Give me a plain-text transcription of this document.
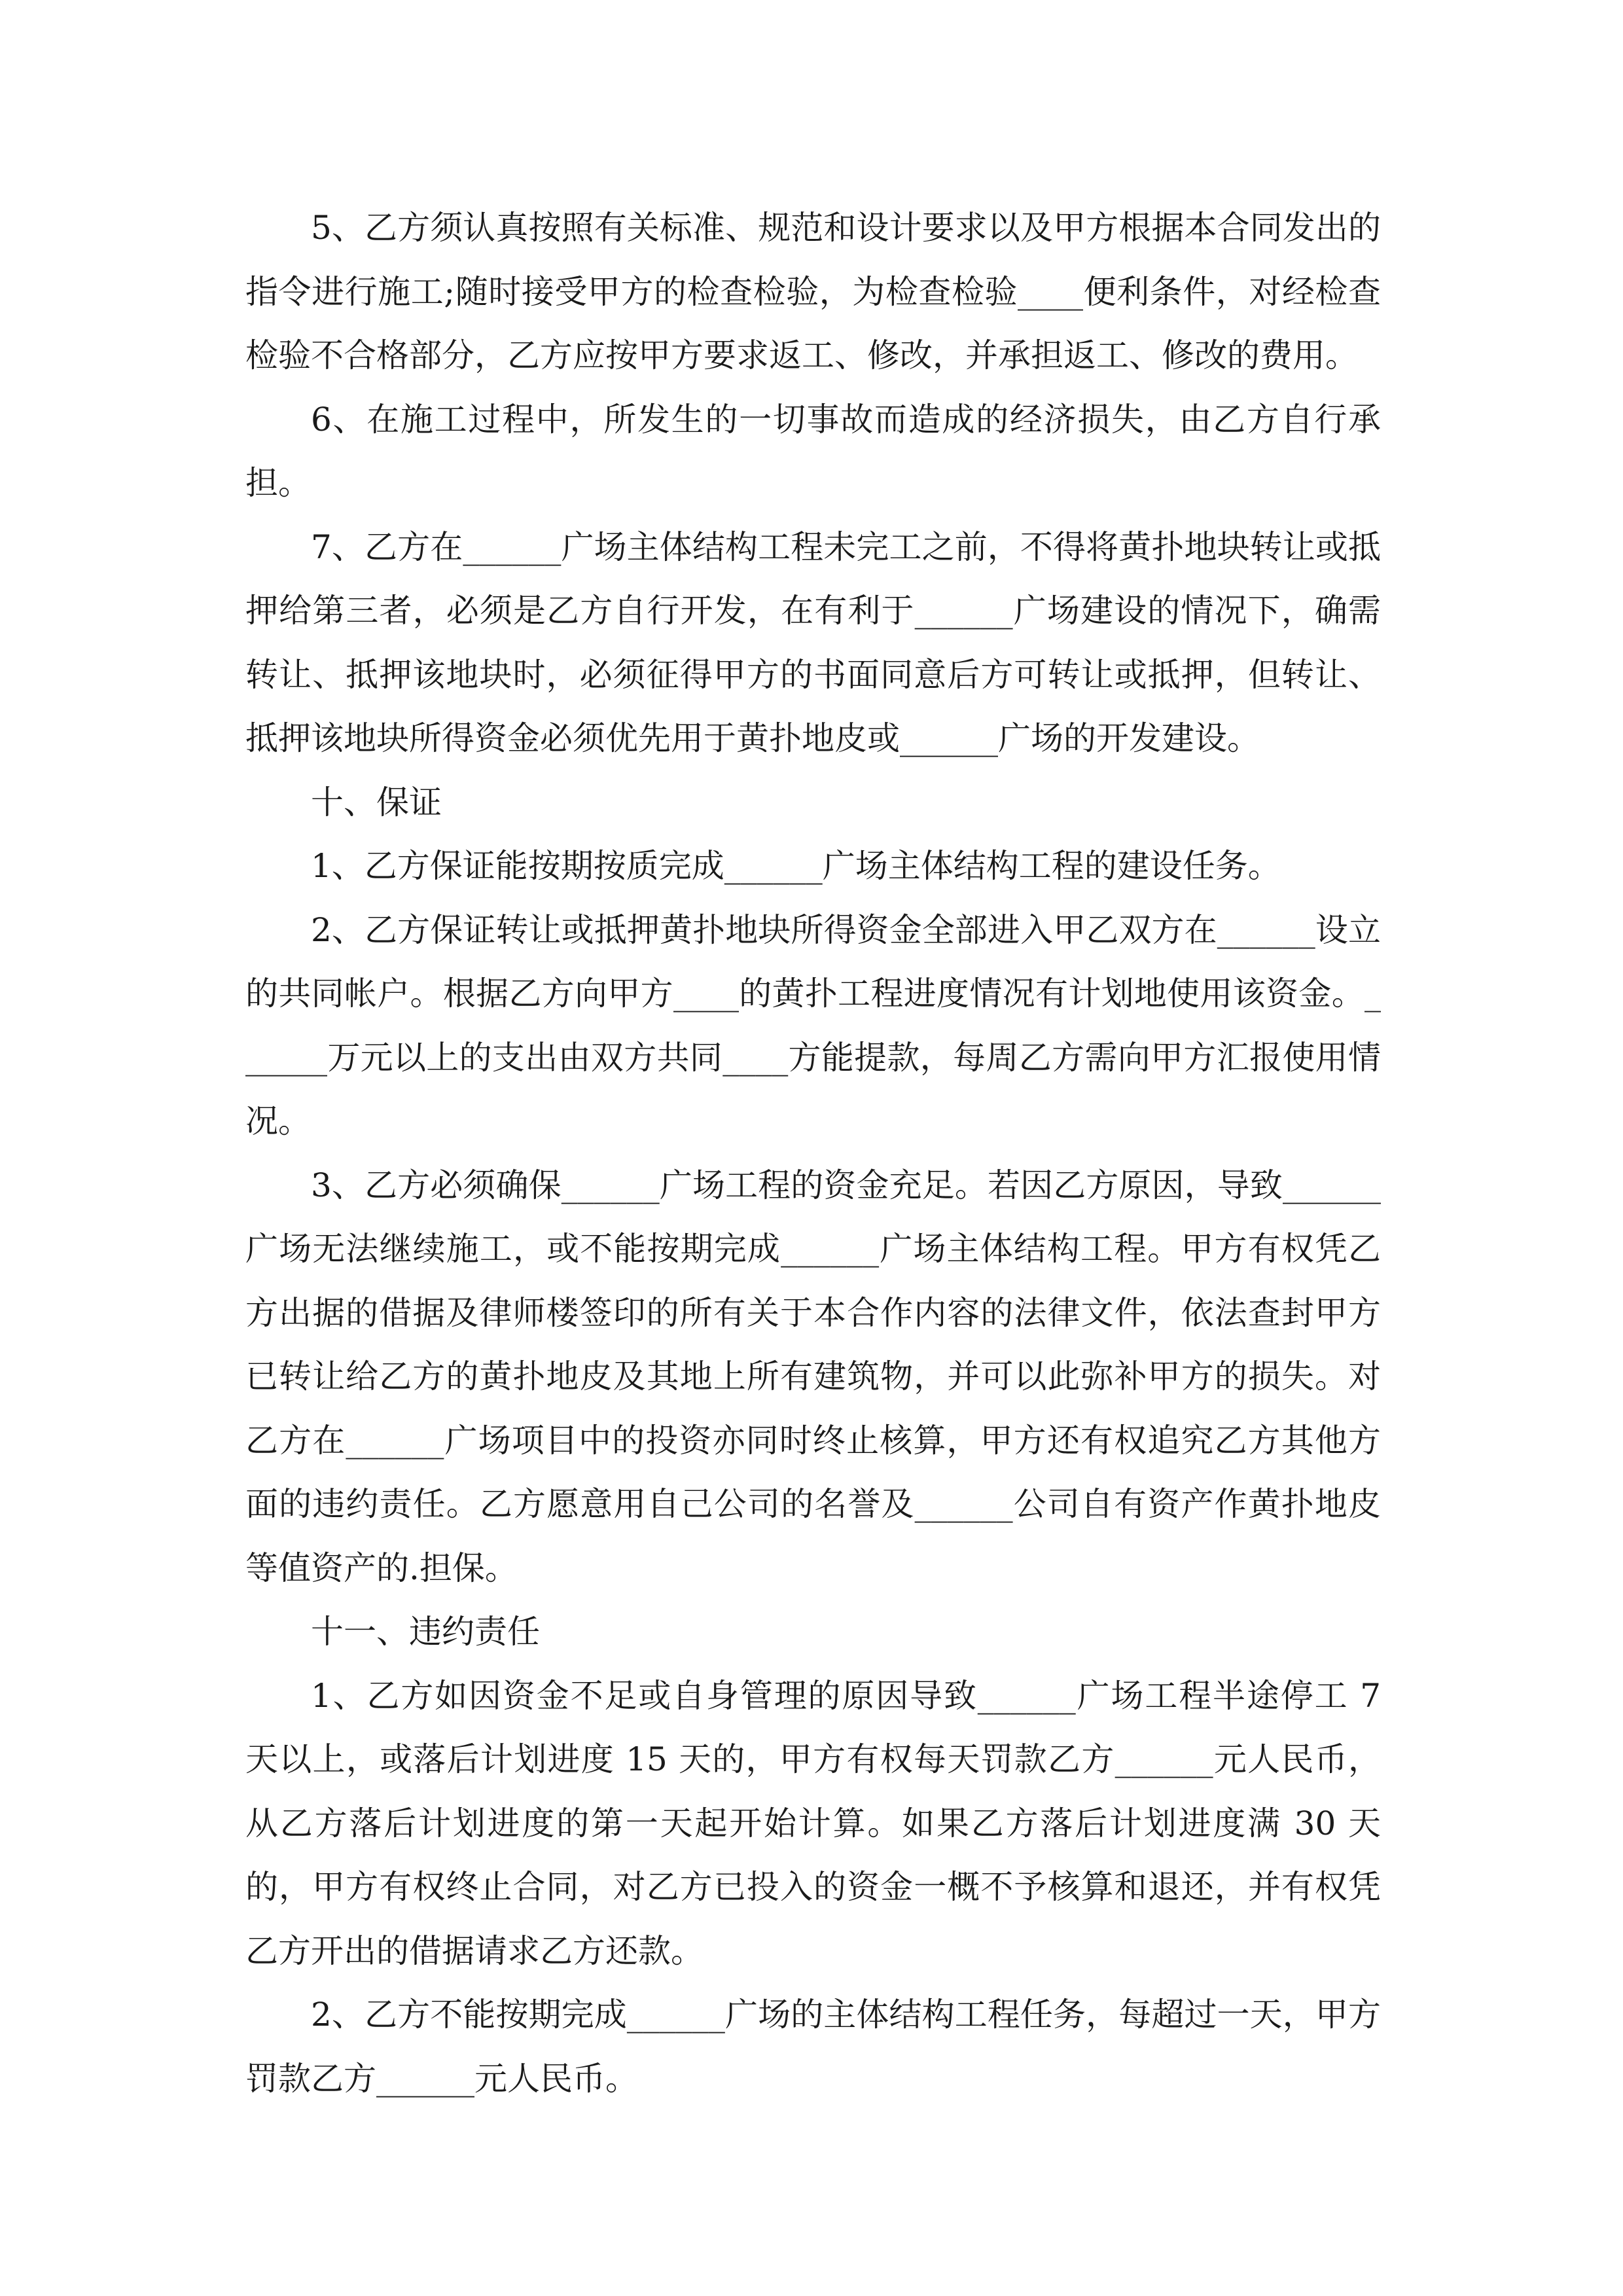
5、乙方须认真按照有关标准、规范和设计要求以及甲方根据本合同发出的指令进行施工;随时接受甲方的检查检验，为检查检验____便利条件，对经检查检验不合格部分，乙方应按甲方要求返工、修改，并承担返工、修改的费用。

6、在施工过程中，所发生的一切事故而造成的经济损失，由乙方自行承担。

7、乙方在______广场主体结构工程未完工之前，不得将黄扑地块转让或抵押给第三者，必须是乙方自行开发，在有利于______广场建设的情况下，确需转让、抵押该地块时，必须征得甲方的书面同意后方可转让或抵押，但转让、抵押该地块所得资金必须优先用于黄扑地皮或______广场的开发建设。

十、保证

1、乙方保证能按期按质完成______广场主体结构工程的建设任务。

2、乙方保证转让或抵押黄扑地块所得资金全部进入甲乙双方在______设立的共同帐户。根据乙方向甲方____的黄扑工程进度情况有计划地使用该资金。______万元以上的支出由双方共同____方能提款，每周乙方需向甲方汇报使用情况。

3、乙方必须确保______广场工程的资金充足。若因乙方原因，导致______广场无法继续施工，或不能按期完成______广场主体结构工程。甲方有权凭乙方出据的借据及律师楼签印的所有关于本合作内容的法律文件，依法查封甲方已转让给乙方的黄扑地皮及其地上所有建筑物，并可以此弥补甲方的损失。对乙方在______广场项目中的投资亦同时终止核算，甲方还有权追究乙方其他方面的违约责任。乙方愿意用自己公司的名誉及______公司自有资产作黄扑地皮等值资产的.担保。

十一、违约责任

1、乙方如因资金不足或自身管理的原因导致______广场工程半途停工 7 天以上，或落后计划进度 15 天的，甲方有权每天罚款乙方______元人民币，从乙方落后计划进度的第一天起开始计算。如果乙方落后计划进度满 30 天的，甲方有权终止合同，对乙方已投入的资金一概不予核算和退还，并有权凭乙方开出的借据请求乙方还款。

2、乙方不能按期完成______广场的主体结构工程任务，每超过一天，甲方罚款乙方______元人民币。
